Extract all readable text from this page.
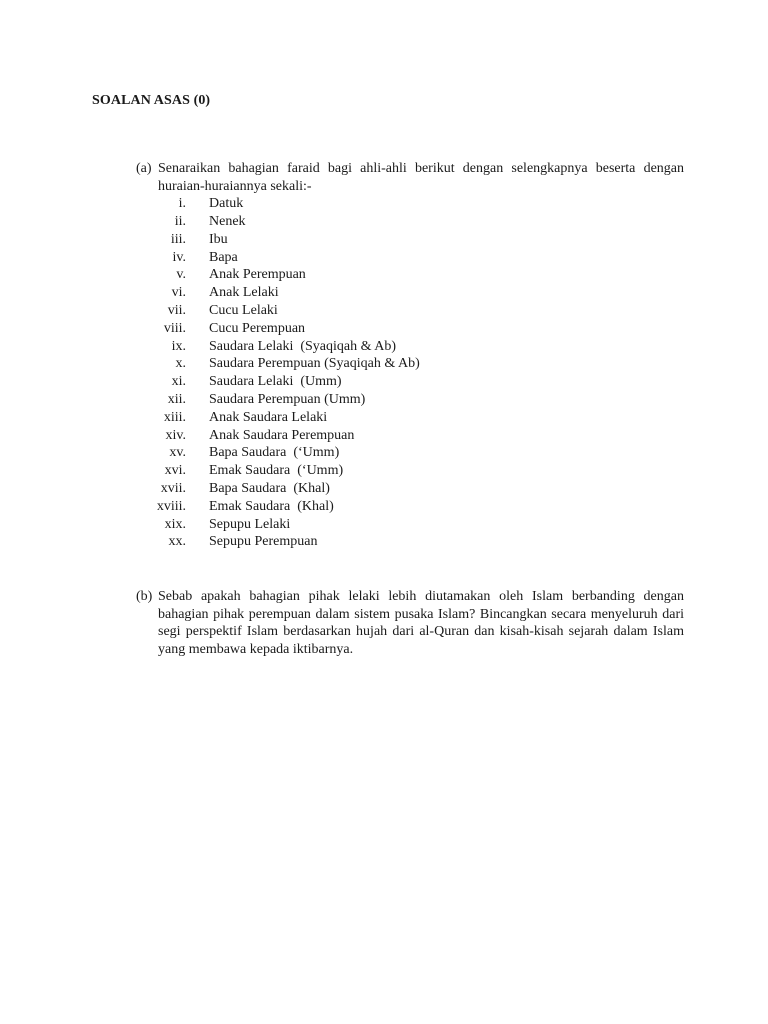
SOALAN ASAS (0)
(a) Senaraikan bahagian faraid bagi ahli-ahli berikut dengan selengkapnya beserta dengan huraian-huraiannya sekali:-
i. Datuk
ii. Nenek
iii. Ibu
iv. Bapa
v. Anak Perempuan
vi. Anak Lelaki
vii. Cucu Lelaki
viii. Cucu Perempuan
ix. Saudara Lelaki  (Syaqiqah & Ab)
x. Saudara Perempuan (Syaqiqah & Ab)
xi. Saudara Lelaki  (Umm)
xii. Saudara Perempuan (Umm)
xiii. Anak Saudara Lelaki
xiv. Anak Saudara Perempuan
xv. Bapa Saudara  (‘Umm)
xvi. Emak Saudara  (‘Umm)
xvii. Bapa Saudara  (Khal)
xviii. Emak Saudara  (Khal)
xix. Sepupu Lelaki
xx. Sepupu Perempuan
(b) Sebab apakah bahagian pihak lelaki lebih diutamakan oleh Islam berbanding dengan bahagian pihak perempuan dalam sistem pusaka Islam? Bincangkan secara menyeluruh dari segi perspektif Islam berdasarkan hujah dari al-Quran dan kisah-kisah sejarah dalam Islam yang membawa kepada iktibarnya.
